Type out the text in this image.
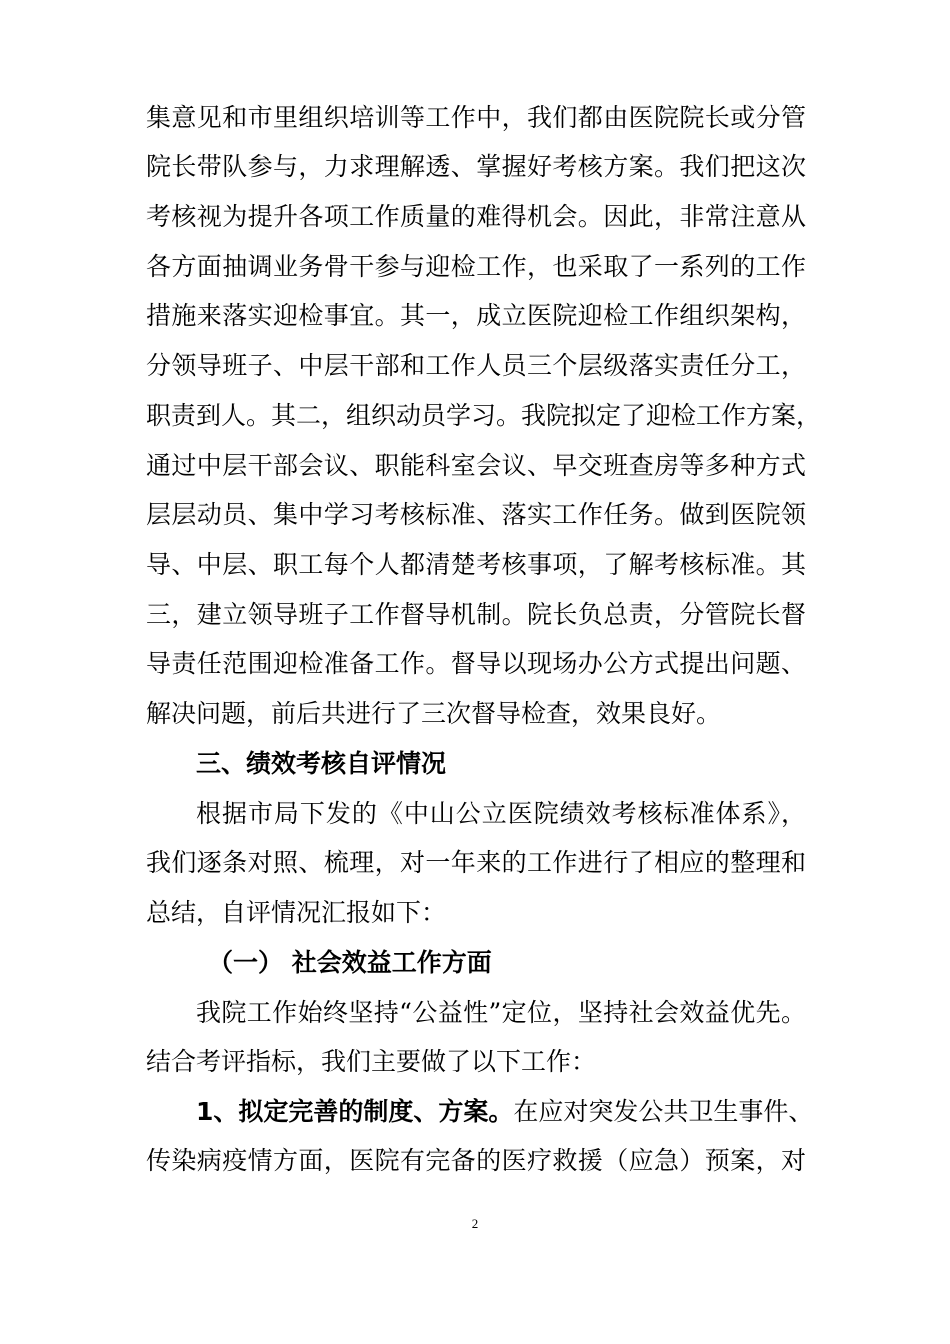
集意见和市里组织培训等工作中，我们都由医院院长或分管
院长带队参与，力求理解透、掌握好考核方案。我们把这次
考核视为提升各项工作质量的难得机会。因此，非常注意从
各方面抽调业务骨干参与迎检工作，也采取了一系列的工作
措施来落实迎检事宜。其一，成立医院迎检工作组织架构，
分领导班子、中层干部和工作人员三个层级落实责任分工，
职责到人。其二，组织动员学习。我院拟定了迎检工作方案，
通过中层干部会议、职能科室会议、早交班查房等多种方式
层层动员、集中学习考核标准、落实工作任务。做到医院领
导、中层、职工每个人都清楚考核事项，了解考核标准。其
三，建立领导班子工作督导机制。院长负总责，分管院长督
导责任范围迎检准备工作。督导以现场办公方式提出问题、
解决问题，前后共进行了三次督导检查，效果良好。
三、绩效考核自评情况
根据市局下发的《中山公立医院绩效考核标准体系》，
我们逐条对照、梳理，对一年来的工作进行了相应的整理和
总结，自评情况汇报如下：
（一） 社会效益工作方面
我院工作始终坚持“公益性”定位，坚持社会效益优先。
结合考评指标，我们主要做了以下工作：
1、拟定完善的制度、方案。在应对突发公共卫生事件、
传染病疫情方面，医院有完备的医疗救援（应急）预案，对
2
